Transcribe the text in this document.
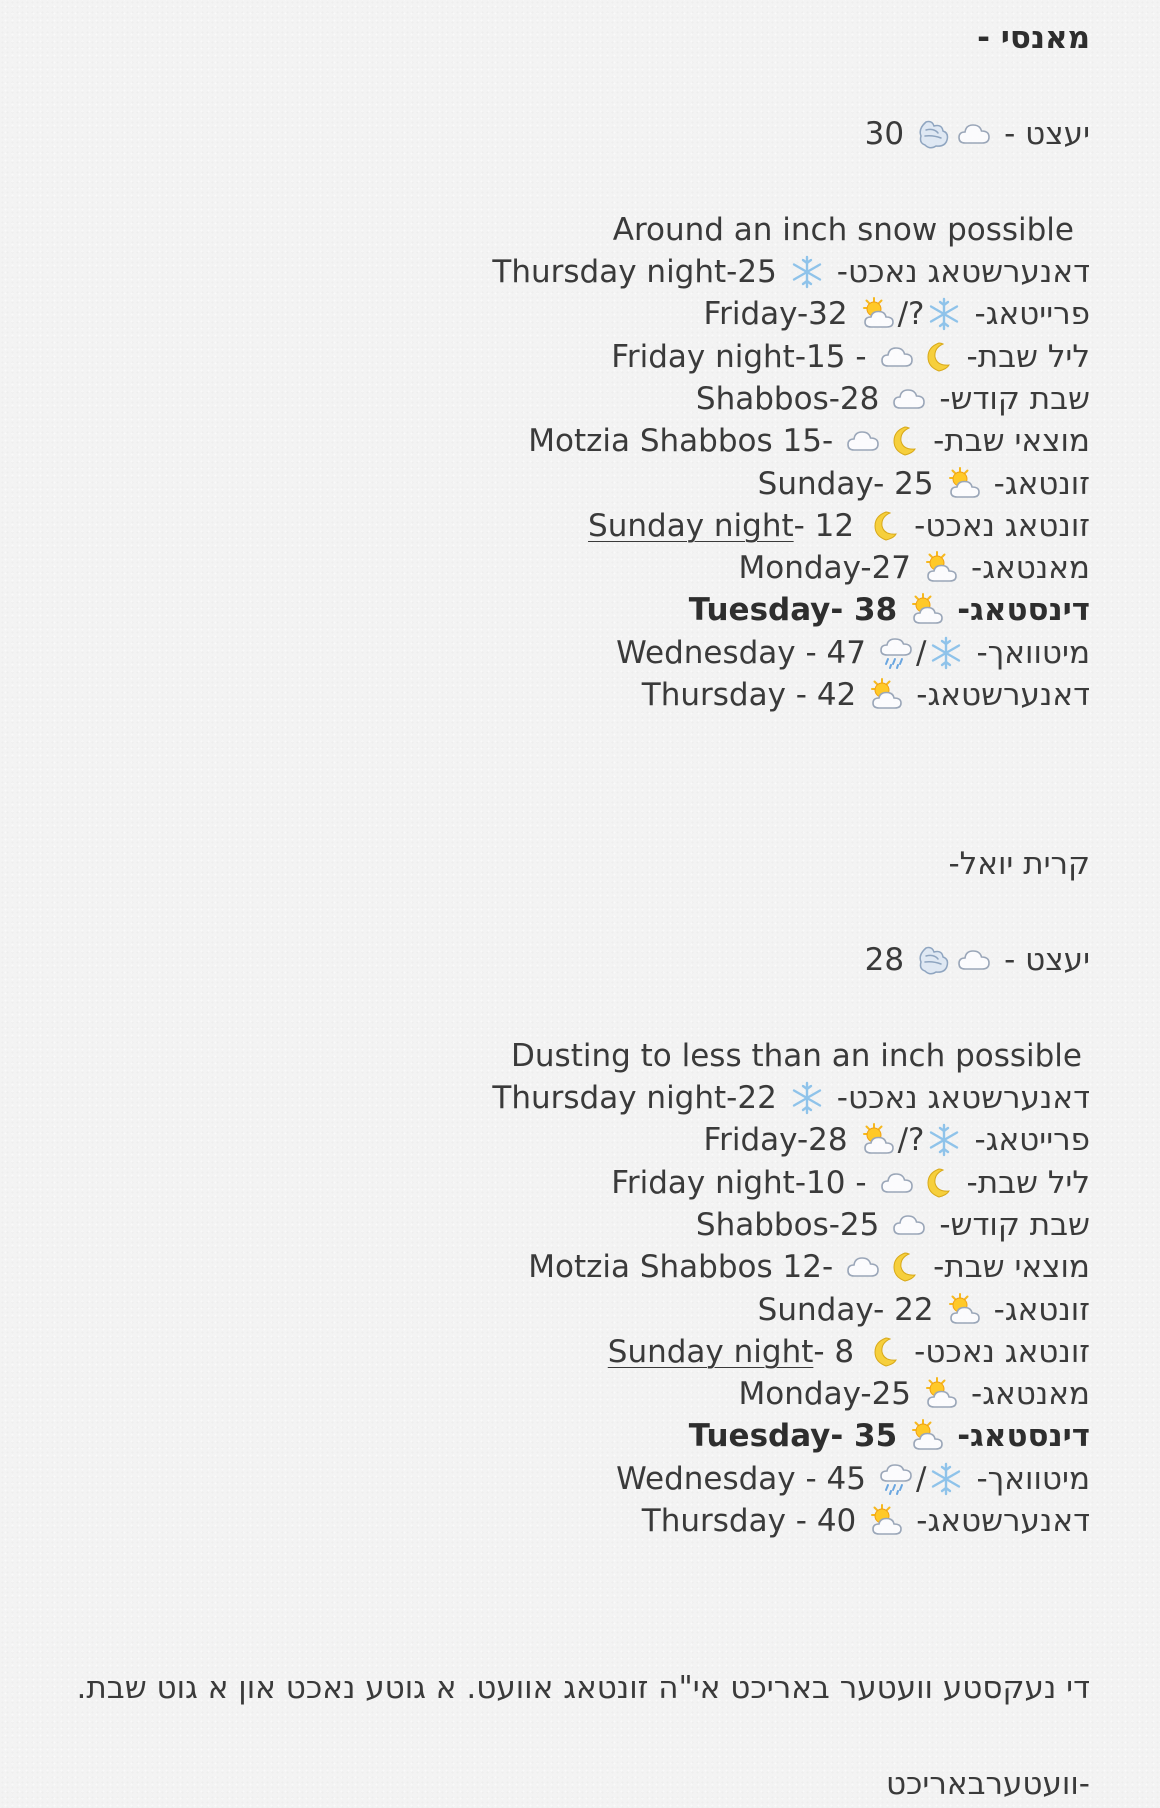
מאנסי -
30	יעצט -
Around an inch snow possible
Thursday night-25 דאנערשטאג נאכט-
Friday-32 /? פרייטאג-
Friday night-15 -	ליל שבת-
Shabbos-28 שבת קודש-
Motzia Shabbos 15-	מוצאי שבת-
Sunday- 25 זונטאג-
Sunday night- 12 זונטאג נאכט-
Monday-27 מאנטאג-
Tuesday- 38 דינסטאג-
Wednesday - 47 / מיטוואך-
Thursday - 42 דאנערשטאג-
קרית יואל-
28	יעצט -
Dusting to less than an inch possible
Thursday night-22 דאנערשטאג נאכט-
Friday-28 /? פרייטאג-
Friday night-10 -	ליל שבת-
Shabbos-25 שבת קודש-
Motzia Shabbos 12-	מוצאי שבת-
Sunday- 22 זונטאג-
Sunday night- 8 זונטאג נאכט-
Monday-25 מאנטאג-
Tuesday- 35 דינסטאג-
Wednesday - 45 / מיטוואך-
Thursday - 40 דאנערשטאג-
די נעקסטע וועטער באריכט אי"ה זונטאג אוועט. א גוטע נאכט און א גוט שבת.
-וועטערבאריכט
